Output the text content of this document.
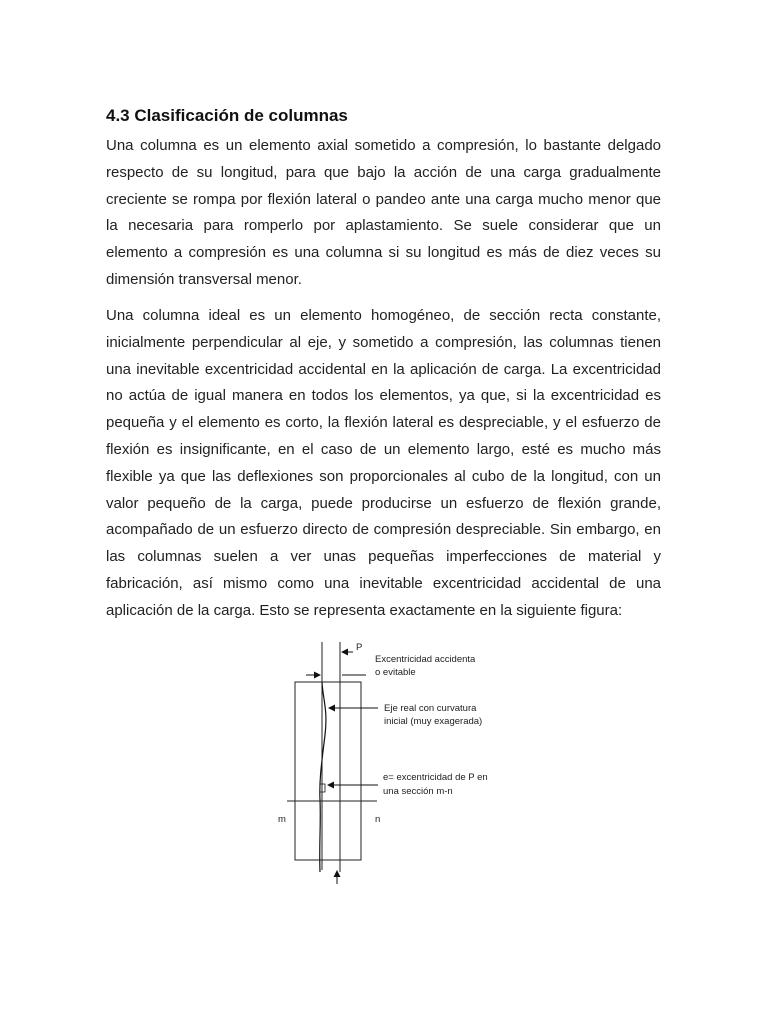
4.3 Clasificación de columnas

Una columna es un elemento axial sometido a compresión, lo bastante delgado respecto de su longitud, para que bajo la acción de una carga gradualmente creciente se rompa por flexión lateral o pandeo ante una carga mucho menor que la necesaria para romperlo por aplastamiento. Se suele considerar que un elemento a compresión es una columna si su longitud es más de diez veces su dimensión transversal menor.

Una columna ideal es un elemento homogéneo, de sección recta constante, inicialmente perpendicular al eje, y sometido a compresión, las columnas tienen una inevitable excentricidad accidental en la aplicación de carga. La excentricidad no actúa de igual manera en todos los elementos, ya que, si la excentricidad es pequeña y el elemento es corto, la flexión lateral es despreciable, y el esfuerzo de flexión es insignificante, en el caso de un elemento largo, esté es mucho más flexible ya que las deflexiones son proporcionales al cubo de la longitud, con un valor pequeño de la carga, puede producirse un esfuerzo de flexión grande, acompañado de un esfuerzo directo de compresión despreciable. Sin embargo, en las columnas suelen a ver unas pequeñas imperfecciones de material y fabricación, así mismo como una inevitable excentricidad accidental de una aplicación de la carga. Esto se representa exactamente en la siguiente figura:

P
Excentricidad accidenta
o evitable
Eje real con curvatura
inicial (muy exagerada)
e= excentricidad de P en
una sección m-n
m	n
